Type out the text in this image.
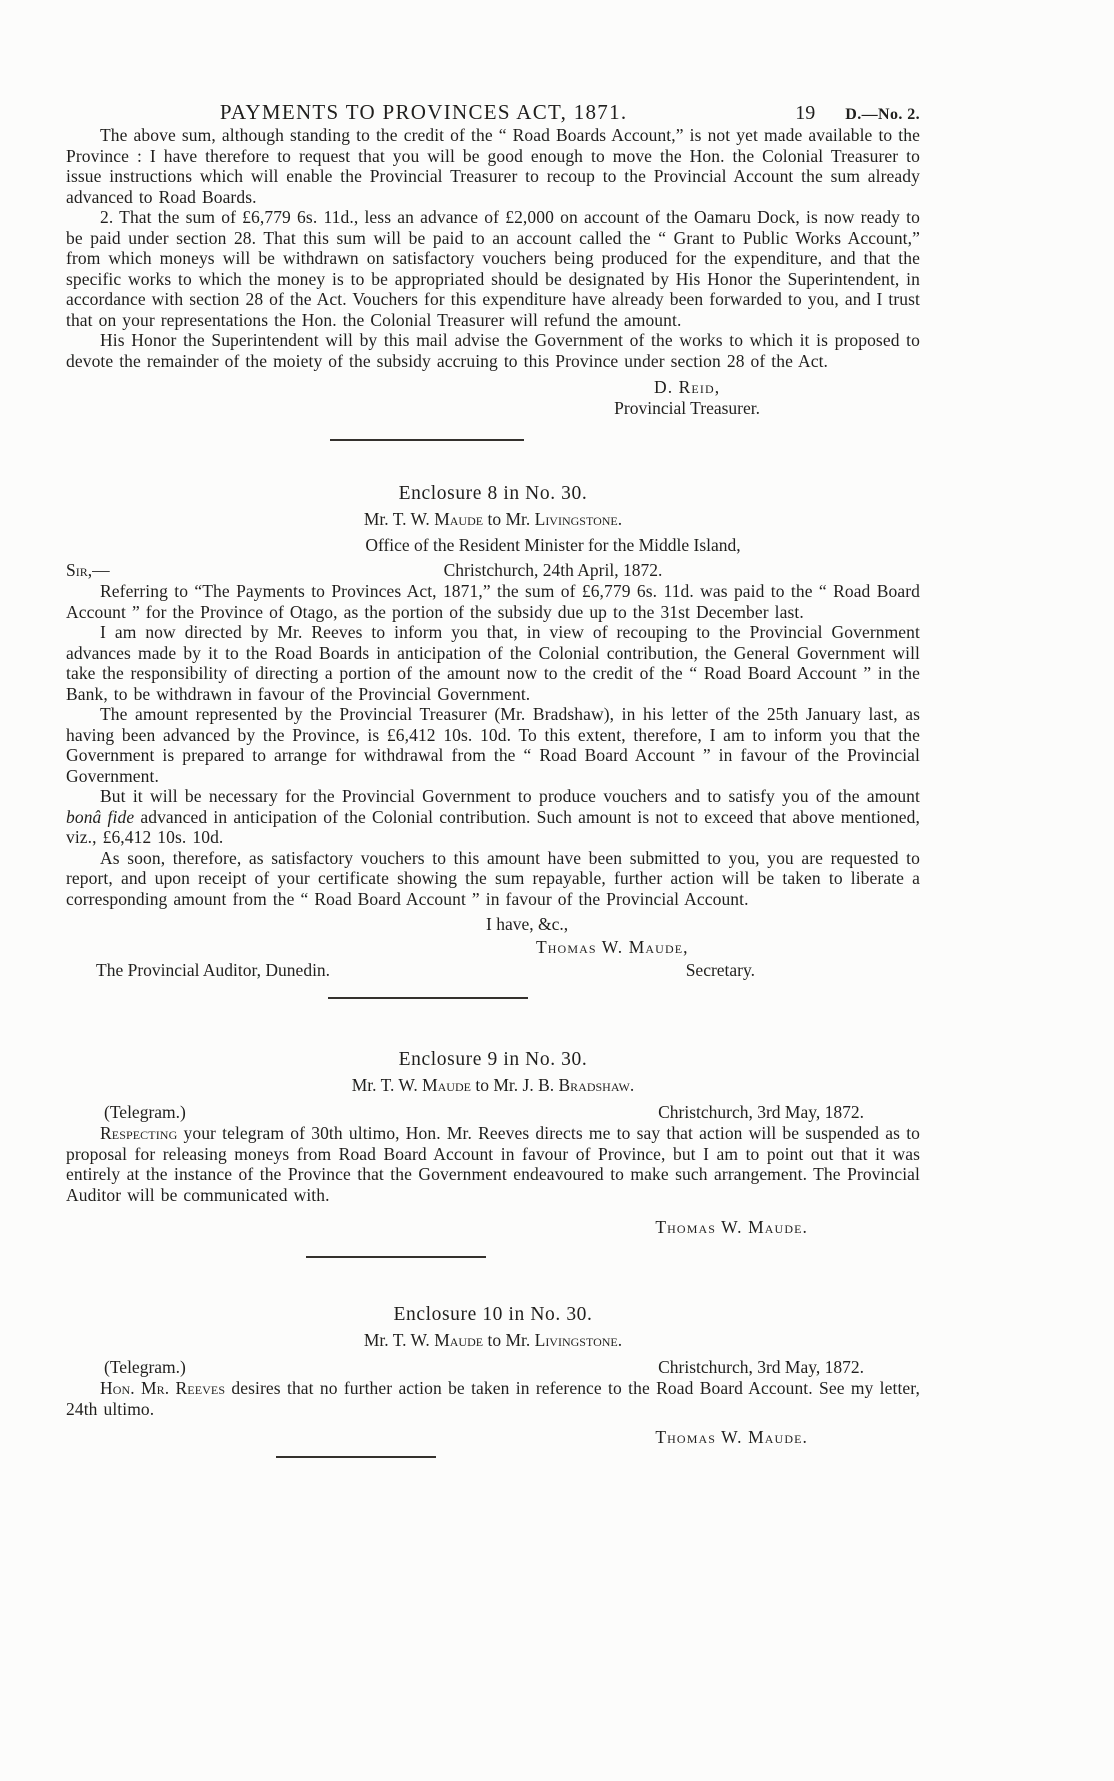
PAYMENTS TO PROVINCES ACT, 1871.	19 D.—No. 2.

The above sum, although standing to the credit of the “ Road Boards Account,” is not yet made available to the Province : I have therefore to request that you will be good enough to move the Hon. the Colonial Treasurer to issue instructions which will enable the Provincial Treasurer to recoup to the Provincial Account the sum already advanced to Road Boards.

2. That the sum of £6,779 6s. 11d., less an advance of £2,000 on account of the Oamaru Dock, is now ready to be paid under section 28. That this sum will be paid to an account called the “ Grant to Public Works Account,” from which moneys will be withdrawn on satisfactory vouchers being produced for the expenditure, and that the specific works to which the money is to be appropriated should be designated by His Honor the Superintendent, in accordance with section 28 of the Act. Vouchers for this expenditure have already been forwarded to you, and I trust that on your representations the Hon. the Colonial Treasurer will refund the amount.

His Honor the Superintendent will by this mail advise the Government of the works to which it is proposed to devote the remainder of the moiety of the subsidy accruing to this Province under section 28 of the Act.

D. Reid,
Provincial Treasurer.
Enclosure 8 in No. 30.
Mr. T. W. Maude to Mr. Livingstone.
Office of the Resident Minister for the Middle Island,
Sir,—	Christchurch, 24th April, 1872.

Referring to “The Payments to Provinces Act, 1871,” the sum of £6,779 6s. 11d. was paid to the “ Road Board Account ” for the Province of Otago, as the portion of the subsidy due up to the 31st December last.

I am now directed by Mr. Reeves to inform you that, in view of recouping to the Provincial Government advances made by it to the Road Boards in anticipation of the Colonial contribution, the General Government will take the responsibility of directing a portion of the amount now to the credit of the “ Road Board Account ” in the Bank, to be withdrawn in favour of the Provincial Government.

The amount represented by the Provincial Treasurer (Mr. Bradshaw), in his letter of the 25th January last, as having been advanced by the Province, is £6,412 10s. 10d. To this extent, therefore, I am to inform you that the Government is prepared to arrange for withdrawal from the “ Road Board Account ” in favour of the Provincial Government.

But it will be necessary for the Provincial Government to produce vouchers and to satisfy you of the amount bonâ fide advanced in anticipation of the Colonial contribution. Such amount is not to exceed that above mentioned, viz., £6,412 10s. 10d.

As soon, therefore, as satisfactory vouchers to this amount have been submitted to you, you are requested to report, and upon receipt of your certificate showing the sum repayable, further action will be taken to liberate a corresponding amount from the “ Road Board Account ” in favour of the Provincial Account.

I have, &c.,
Thomas W. Maude,
The Provincial Auditor, Dunedin.	Secretary.
Enclosure 9 in No. 30.
Mr. T. W. Maude to Mr. J. B. Bradshaw.
(Telegram.)	Christchurch, 3rd May, 1872.

Respecting your telegram of 30th ultimo, Hon. Mr. Reeves directs me to say that action will be suspended as to proposal for releasing moneys from Road Board Account in favour of Province, but I am to point out that it was entirely at the instance of the Province that the Government endeavoured to make such arrangement. The Provincial Auditor will be communicated with.

Thomas W. Maude.
Enclosure 10 in No. 30.
Mr. T. W. Maude to Mr. Livingstone.
(Telegram.)	Christchurch, 3rd May, 1872.

Hon. Mr. Reeves desires that no further action be taken in reference to the Road Board Account. See my letter, 24th ultimo.

Thomas W. Maude.
